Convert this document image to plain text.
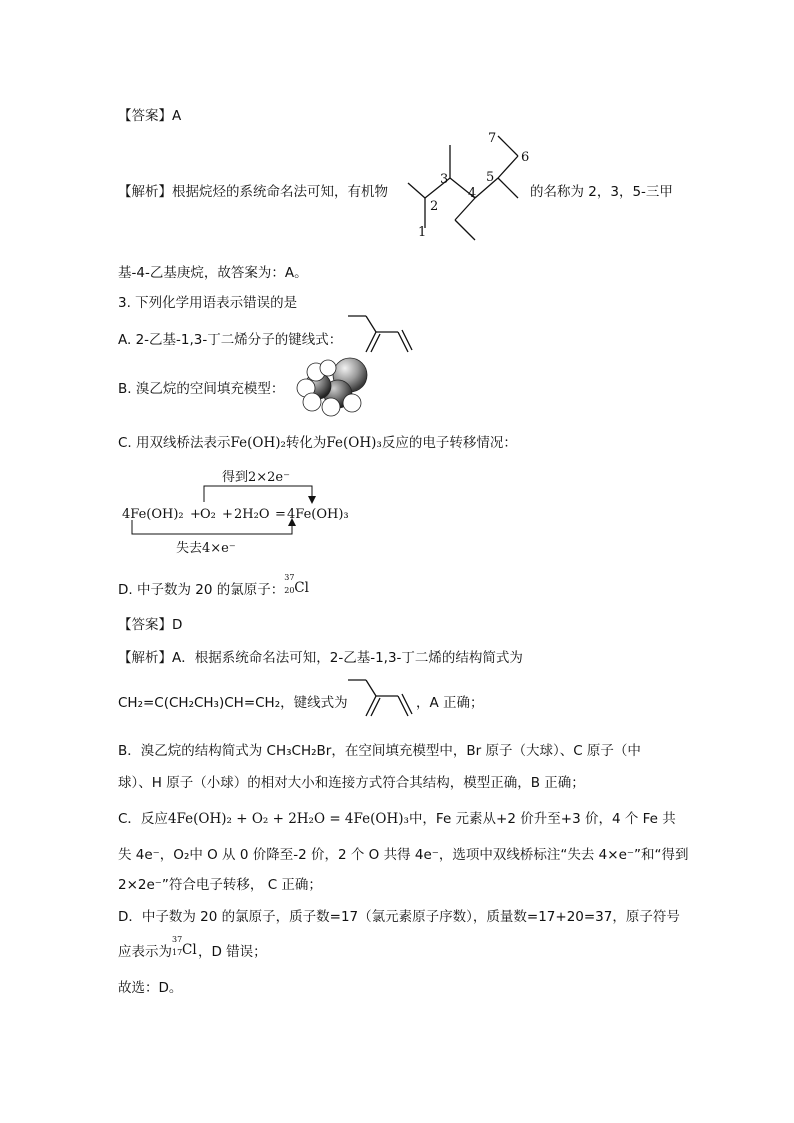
【答案】A
【解析】根据烷烃的系统命名法可知，有机物
1
2
3
4
5
6
7
的名称为 2，3，5-三甲
基-4-乙基庚烷，故答案为：A。
3. 下列化学用语表示错误的是
A. 2-乙基-1,3-丁二烯分子的键线式：
B. 溴乙烷的空间填充模型：
C. 用双线桥法表示Fe(OH)₂转化为Fe(OH)₃反应的电子转移情况：
得到2×2e⁻
失去4×e⁻
4Fe(OH)₂ + O₂ + 2H₂O = 4Fe(OH)₃
D. 中子数为 20 的氯原子：
37
20 Cl
【答案】D
【解析】A．根据系统命名法可知，2-乙基-1,3-丁二烯的结构简式为
CH₂=C(CH₂CH₃)CH=CH₂，键线式为	，A 正确；
B．溴乙烷的结构简式为 CH₃CH₂Br，在空间填充模型中，Br 原子（大球）、C 原子（中
球）、H 原子（小球）的相对大小和连接方式符合其结构，模型正确，B 正确；
C．反应4Fe(OH)₂ + O₂ + 2H₂O = 4Fe(OH)₃中，Fe 元素从+2 价升至+3 价，4 个 Fe 共
失 4e⁻，O₂中 O 从 0 价降至-2 价，2 个 O 共得 4e⁻，选项中双线桥标注“失去 4×e⁻”和“得到
2×2e⁻”符合电子转移， C 正确；
D．中子数为 20 的氯原子，质子数=17（氯元素原子序数），质量数=17+20=37，原子符号
应表示为
37
17 Cl ，D 错误；
故选：D。
